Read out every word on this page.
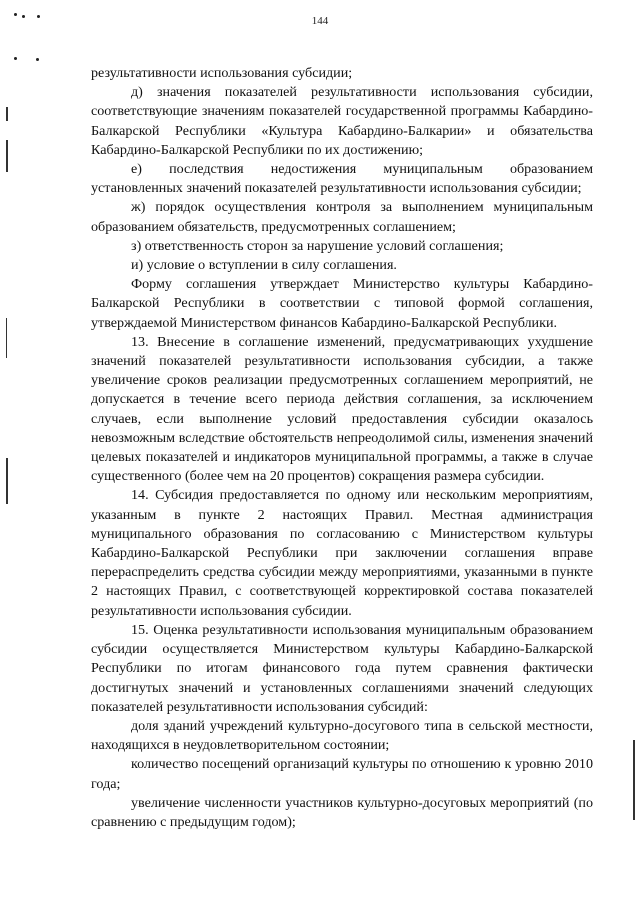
144

результативности использования субсидии;

д) значения показателей результативности использования субсидии, соответствующие значениям показателей государственной программы Кабардино-Балкарской Республики «Культура Кабардино-Балкарии» и обязательства Кабардино-Балкарской Республики по их достижению;

е) последствия недостижения муниципальным образованием установленных значений показателей результативности использования субсидии;

ж) порядок осуществления контроля за выполнением муниципальным образованием обязательств, предусмотренных соглашением;

з) ответственность сторон за нарушение условий соглашения;

и) условие о вступлении в силу соглашения.

Форму соглашения утверждает Министерство культуры Кабардино-Балкарской Республики в соответствии с типовой формой соглашения, утверждаемой Министерством финансов Кабардино-Балкарской Республики.

13. Внесение в соглашение изменений, предусматривающих ухудшение значений показателей результативности использования субсидии, а также увеличение сроков реализации предусмотренных соглашением мероприятий, не допускается в течение всего периода действия соглашения, за исключением случаев, если выполнение условий предоставления субсидии оказалось невозможным вследствие обстоятельств непреодолимой силы, изменения значений целевых показателей и индикаторов муниципальной программы, а также в случае существенного (более чем на 20 процентов) сокращения размера субсидии.

14. Субсидия предоставляется по одному или нескольким мероприятиям, указанным в пункте 2 настоящих Правил. Местная администрация муниципального образования по согласованию с Министерством культуры Кабардино-Балкарской Республики при заключении соглашения вправе перераспределить средства субсидии между мероприятиями, указанными в пункте 2 настоящих Правил, с соответствующей корректировкой состава показателей результативности использования субсидии.

15. Оценка результативности использования муниципальным образованием субсидии осуществляется Министерством культуры Кабардино-Балкарской Республики по итогам финансового года путем сравнения фактически достигнутых значений и установленных соглашениями значений следующих показателей результативности использования субсидий:

доля зданий учреждений культурно-досугового типа в сельской местности, находящихся в неудовлетворительном состоянии;

количество посещений организаций культуры по отношению к уровню 2010 года;

увеличение численности участников культурно-досуговых мероприятий (по сравнению с предыдущим годом);
